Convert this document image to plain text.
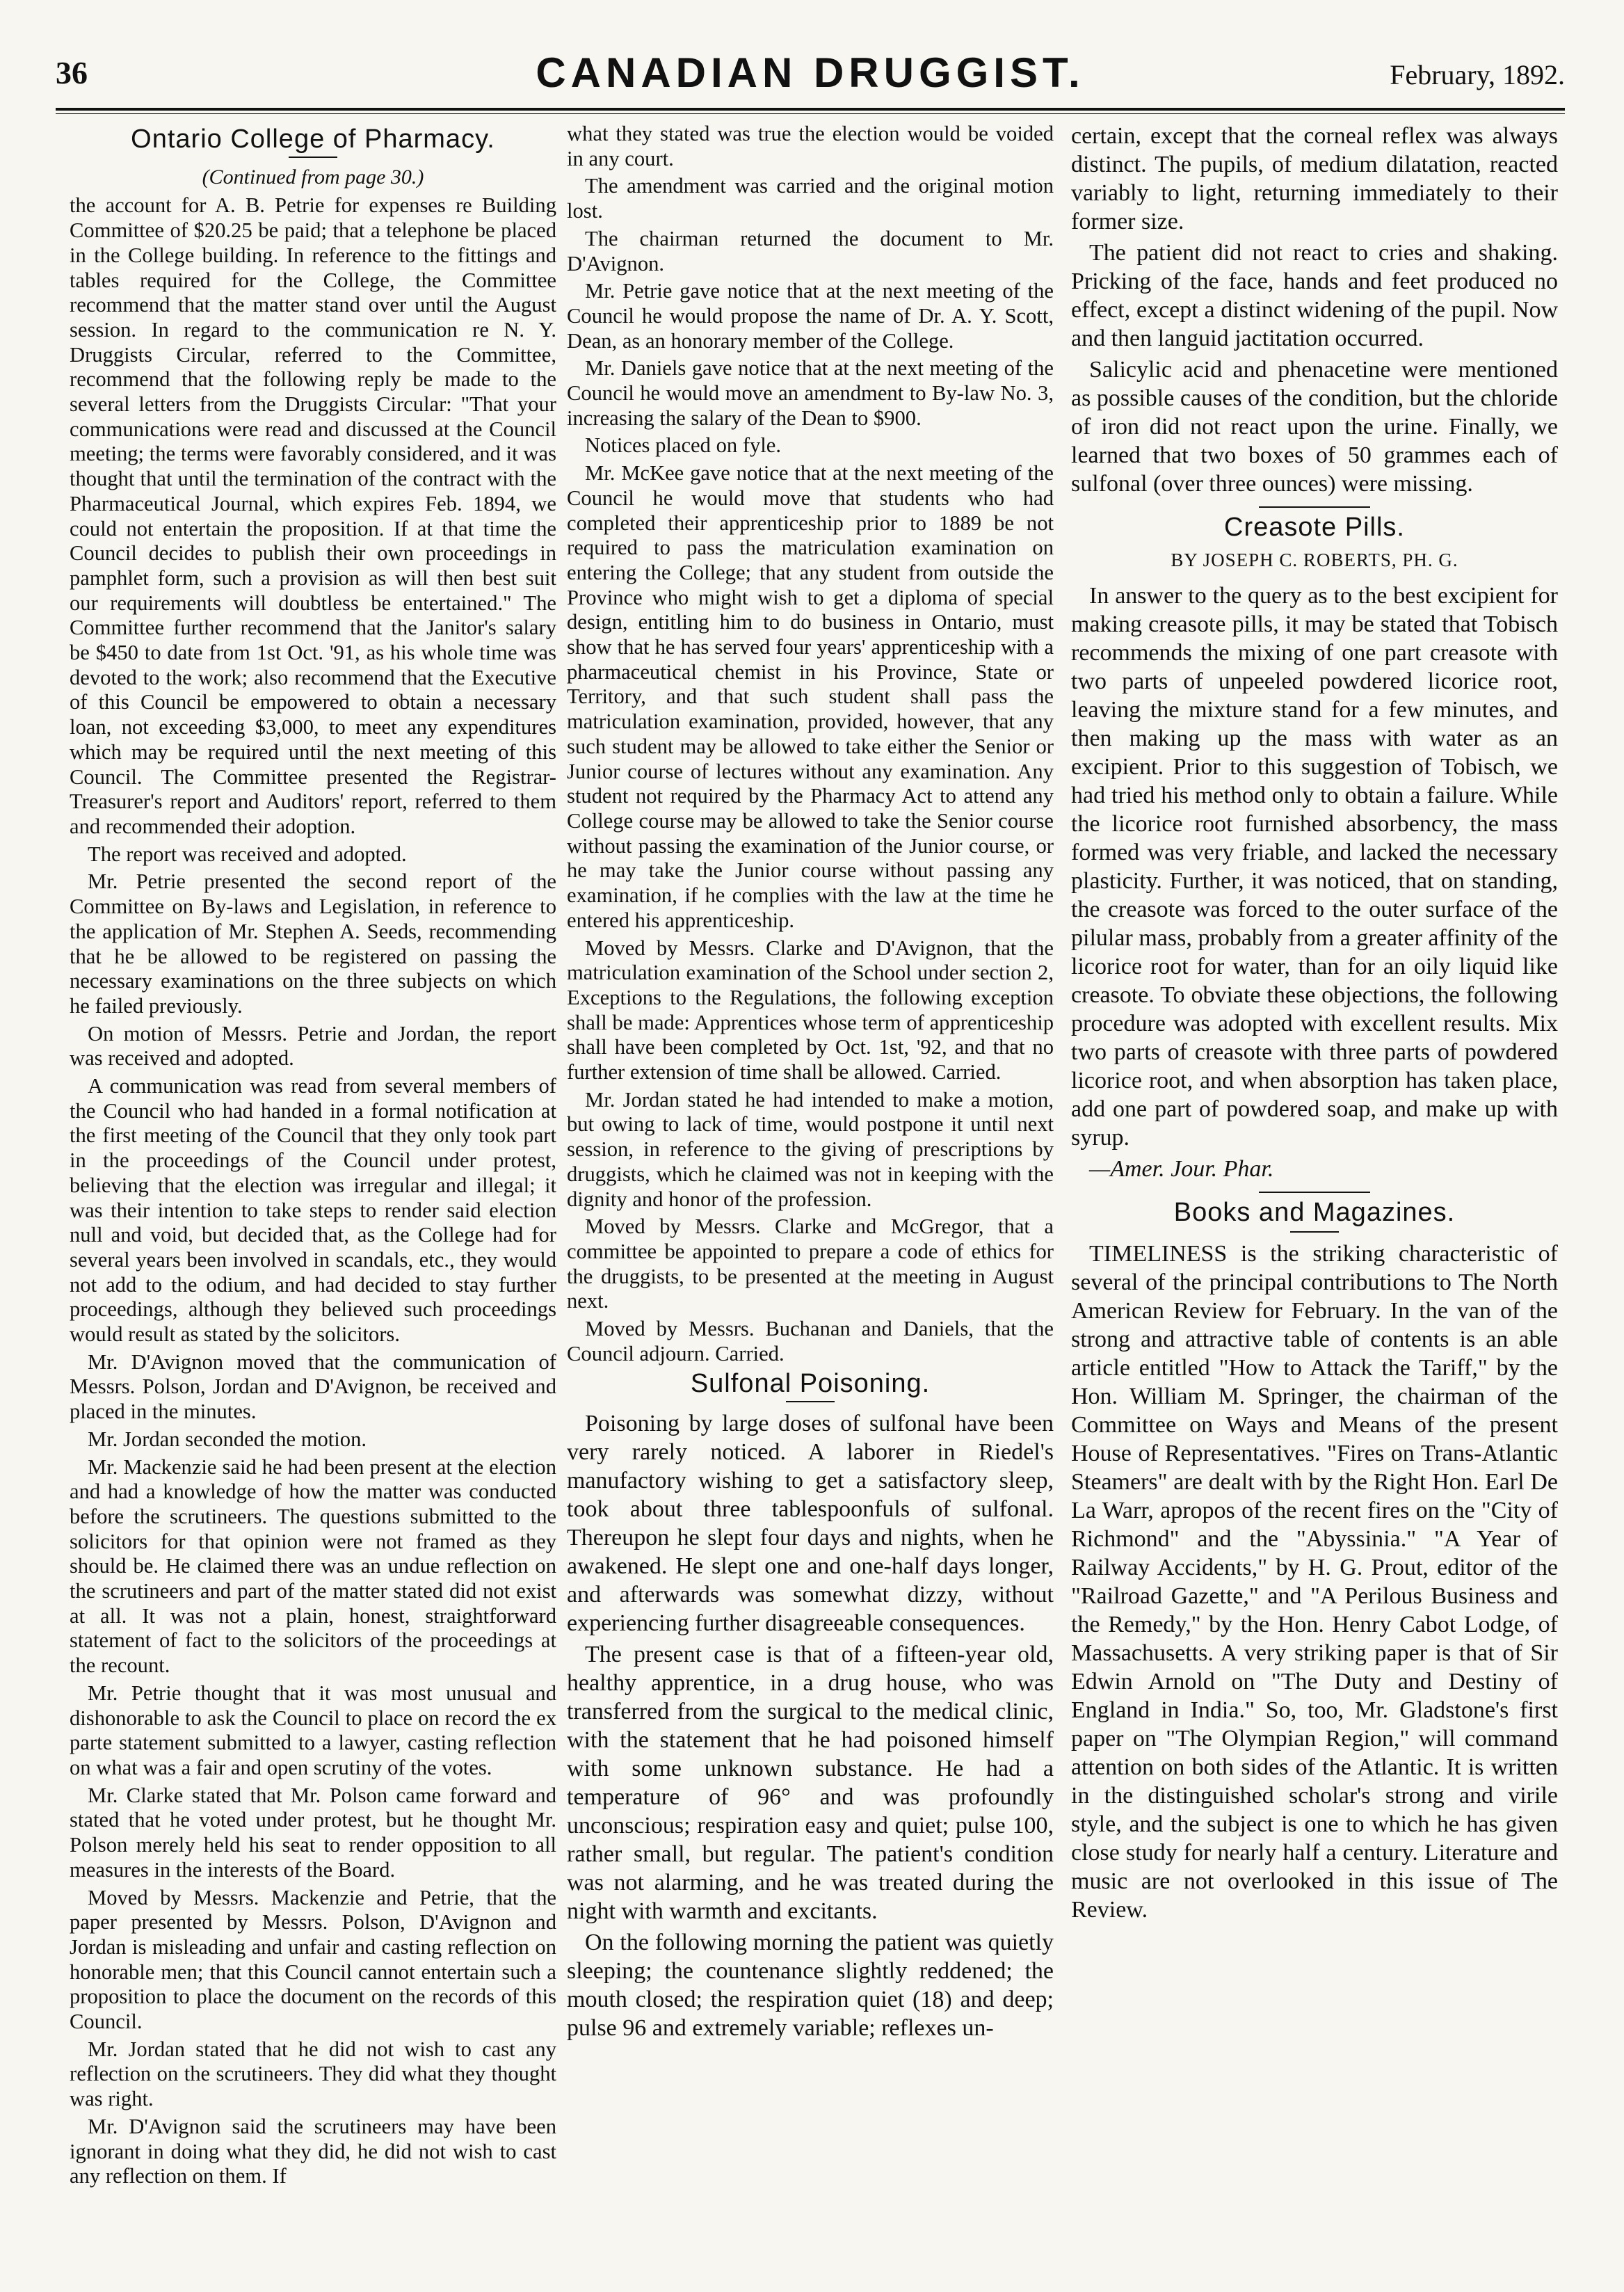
36	CANADIAN DRUGGIST.	February, 1892.
Ontario College of Pharmacy.
(Continued from page 30.)

the account for A. B. Petrie for expenses re Building Committee of $20.25 be paid; that a telephone be placed in the College building. In reference to the fittings and tables required for the College, the Committee recommend that the matter stand over until the August session. In regard to the communication re N. Y. Druggists Circular, referred to the Committee, recommend that the following reply be made to the several letters from the Druggists Circular: "That your communications were read and discussed at the Council meeting; the terms were favorably considered, and it was thought that until the termination of the contract with the Pharmaceutical Journal, which expires Feb. 1894, we could not entertain the proposition. If at that time the Council decides to publish their own proceedings in pamphlet form, such a provision as will then best suit our requirements will doubtless be entertained." The Committee further recommend that the Janitor's salary be $450 to date from 1st Oct. '91, as his whole time was devoted to the work; also recommend that the Executive of this Council be empowered to obtain a necessary loan, not exceeding $3,000, to meet any expenditures which may be required until the next meeting of this Council. The Committee presented the Registrar-Treasurer's report and Auditors' report, referred to them and recommended their adoption.

The report was received and adopted.

Mr. Petrie presented the second report of the Committee on By-laws and Legislation, in reference to the application of Mr. Stephen A. Seeds, recommending that he be allowed to be registered on passing the necessary examinations on the three subjects on which he failed previously.

On motion of Messrs. Petrie and Jordan, the report was received and adopted.

A communication was read from several members of the Council who had handed in a formal notification at the first meeting of the Council that they only took part in the proceedings of the Council under protest, believing that the election was irregular and illegal; it was their intention to take steps to render said election null and void, but decided that, as the College had for several years been involved in scandals, etc., they would not add to the odium, and had decided to stay further proceedings, although they believed such proceedings would result as stated by the solicitors.

Mr. D'Avignon moved that the communication of Messrs. Polson, Jordan and D'Avignon, be received and placed in the minutes.

Mr. Jordan seconded the motion.

Mr. Mackenzie said he had been present at the election and had a knowledge of how the matter was conducted before the scrutineers. The questions submitted to the solicitors for that opinion were not framed as they should be. He claimed there was an undue reflection on the scrutineers and part of the matter stated did not exist at all. It was not a plain, honest, straightforward statement of fact to the solicitors of the proceedings at the recount.

Mr. Petrie thought that it was most unusual and dishonorable to ask the Council to place on record the ex parte statement submitted to a lawyer, casting reflection on what was a fair and open scrutiny of the votes.

Mr. Clarke stated that Mr. Polson came forward and stated that he voted under protest, but he thought Mr. Polson merely held his seat to render opposition to all measures in the interests of the Board.

Moved by Messrs. Mackenzie and Petrie, that the paper presented by Messrs. Polson, D'Avignon and Jordan is misleading and unfair and casting reflection on honorable men; that this Council cannot entertain such a proposition to place the document on the records of this Council.

Mr. Jordan stated that he did not wish to cast any reflection on the scrutineers. They did what they thought was right.

Mr. D'Avignon said the scrutineers may have been ignorant in doing what they did, he did not wish to cast any reflection on them. If

what they stated was true the election would be voided in any court.

The amendment was carried and the original motion lost.

The chairman returned the document to Mr. D'Avignon.

Mr. Petrie gave notice that at the next meeting of the Council he would propose the name of Dr. A. Y. Scott, Dean, as an honorary member of the College.

Mr. Daniels gave notice that at the next meeting of the Council he would move an amendment to By-law No. 3, increasing the salary of the Dean to $900.

Notices placed on fyle.

Mr. McKee gave notice that at the next meeting of the Council he would move that students who had completed their apprenticeship prior to 1889 be not required to pass the matriculation examination on entering the College; that any student from outside the Province who might wish to get a diploma of special design, entitling him to do business in Ontario, must show that he has served four years' apprenticeship with a pharmaceutical chemist in his Province, State or Territory, and that such student shall pass the matriculation examination, provided, however, that any such student may be allowed to take either the Senior or Junior course of lectures without any examination. Any student not required by the Pharmacy Act to attend any College course may be allowed to take the Senior course without passing the examination of the Junior course, or he may take the Junior course without passing any examination, if he complies with the law at the time he entered his apprenticeship.

Moved by Messrs. Clarke and D'Avignon, that the matriculation examination of the School under section 2, Exceptions to the Regulations, the following exception shall be made: Apprentices whose term of apprenticeship shall have been completed by Oct. 1st, '92, and that no further extension of time shall be allowed. Carried.

Mr. Jordan stated he had intended to make a motion, but owing to lack of time, would postpone it until next session, in reference to the giving of prescriptions by druggists, which he claimed was not in keeping with the dignity and honor of the profession.

Moved by Messrs. Clarke and McGregor, that a committee be appointed to prepare a code of ethics for the druggists, to be presented at the meeting in August next.

Moved by Messrs. Buchanan and Daniels, that the Council adjourn. Carried.

Sulfonal Poisoning.

Poisoning by large doses of sulfonal have been very rarely noticed. A laborer in Riedel's manufactory wishing to get a satisfactory sleep, took about three tablespoonfuls of sulfonal. Thereupon he slept four days and nights, when he awakened. He slept one and one-half days longer, and afterwards was somewhat dizzy, without experiencing further disagreeable consequences.

The present case is that of a fifteen-year old, healthy apprentice, in a drug house, who was transferred from the surgical to the medical clinic, with the statement that he had poisoned himself with some unknown substance. He had a temperature of 96° and was profoundly unconscious; respiration easy and quiet; pulse 100, rather small, but regular. The patient's condition was not alarming, and he was treated during the night with warmth and excitants.

On the following morning the patient was quietly sleeping; the countenance slightly reddened; the mouth closed; the respiration quiet (18) and deep; pulse 96 and extremely variable; reflexes un-

certain, except that the corneal reflex was always distinct. The pupils, of medium dilatation, reacted variably to light, returning immediately to their former size.

The patient did not react to cries and shaking. Pricking of the face, hands and feet produced no effect, except a distinct widening of the pupil. Now and then languid jactitation occurred.

Salicylic acid and phenacetine were mentioned as possible causes of the condition, but the chloride of iron did not react upon the urine. Finally, we learned that two boxes of 50 grammes each of sulfonal (over three ounces) were missing.

Creasote Pills.
BY JOSEPH C. ROBERTS, PH. G.

In answer to the query as to the best excipient for making creasote pills, it may be stated that Tobisch recommends the mixing of one part creasote with two parts of unpeeled powdered licorice root, leaving the mixture stand for a few minutes, and then making up the mass with water as an excipient. Prior to this suggestion of Tobisch, we had tried his method only to obtain a failure. While the licorice root furnished absorbency, the mass formed was very friable, and lacked the necessary plasticity. Further, it was noticed, that on standing, the creasote was forced to the outer surface of the pilular mass, probably from a greater affinity of the licorice root for water, than for an oily liquid like creasote. To obviate these objections, the following procedure was adopted with excellent results. Mix two parts of creasote with three parts of powdered licorice root, and when absorption has taken place, add one part of powdered soap, and make up with syrup.

—Amer. Jour. Phar.

Books and Magazines.

TIMELINESS is the striking characteristic of several of the principal contributions to The North American Review for February. In the van of the strong and attractive table of contents is an able article entitled "How to Attack the Tariff," by the Hon. William M. Springer, the chairman of the Committee on Ways and Means of the present House of Representatives. "Fires on Trans-Atlantic Steamers" are dealt with by the Right Hon. Earl De La Warr, apropos of the recent fires on the "City of Richmond" and the "Abyssinia." "A Year of Railway Accidents," by H. G. Prout, editor of the "Railroad Gazette," and "A Perilous Business and the Remedy," by the Hon. Henry Cabot Lodge, of Massachusetts. A very striking paper is that of Sir Edwin Arnold on "The Duty and Destiny of England in India." So, too, Mr. Gladstone's first paper on "The Olympian Region," will command attention on both sides of the Atlantic. It is written in the distinguished scholar's strong and virile style, and the subject is one to which he has given close study for nearly half a century. Literature and music are not overlooked in this issue of The Review.
